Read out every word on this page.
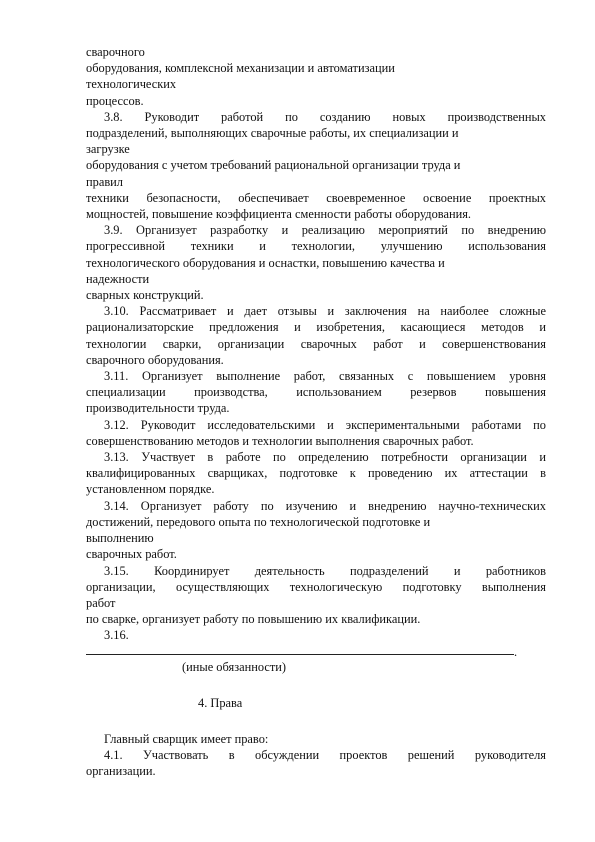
сварочного
оборудования, комплексной механизации и автоматизации
технологических
процессов.
3.8. Руководит работой по созданию новых производственных
подразделений, выполняющих сварочные работы, их специализации и
загрузке
оборудования с учетом требований рациональной организации труда и
правил
техники безопасности, обеспечивает своевременное освоение проектных
мощностей, повышение коэффициента сменности работы оборудования.
3.9. Организует разработку и реализацию мероприятий по внедрению
прогрессивной техники и технологии, улучшению использования
технологического оборудования и оснастки, повышению качества и
надежности
сварных конструкций.
3.10. Рассматривает и дает отзывы и заключения на наиболее сложные
рационализаторские предложения и изобретения, касающиеся методов и
технологии сварки, организации сварочных работ и совершенствования
сварочного оборудования.
3.11. Организует выполнение работ, связанных с повышением уровня
специализации производства, использованием резервов повышения
производительности труда.
3.12. Руководит исследовательскими и экспериментальными работами по
совершенствованию методов и технологии выполнения сварочных работ.
3.13. Участвует в работе по определению потребности организации и
квалифицированных сварщиках, подготовке к проведению их аттестации в
установленном порядке.
3.14. Организует работу по изучению и внедрению научно-технических
достижений, передового опыта по технологической подготовке и
выполнению
сварочных работ.
3.15. Координирует деятельность подразделений и работников
организации, осуществляющих технологическую подготовку выполнения
работ
по сварке, организует работу по повышению их квалификации.
3.16.
.
(иные обязанности)
4. Права
Главный сварщик имеет право:
4.1. Участвовать в обсуждении проектов решений руководителя
организации.
